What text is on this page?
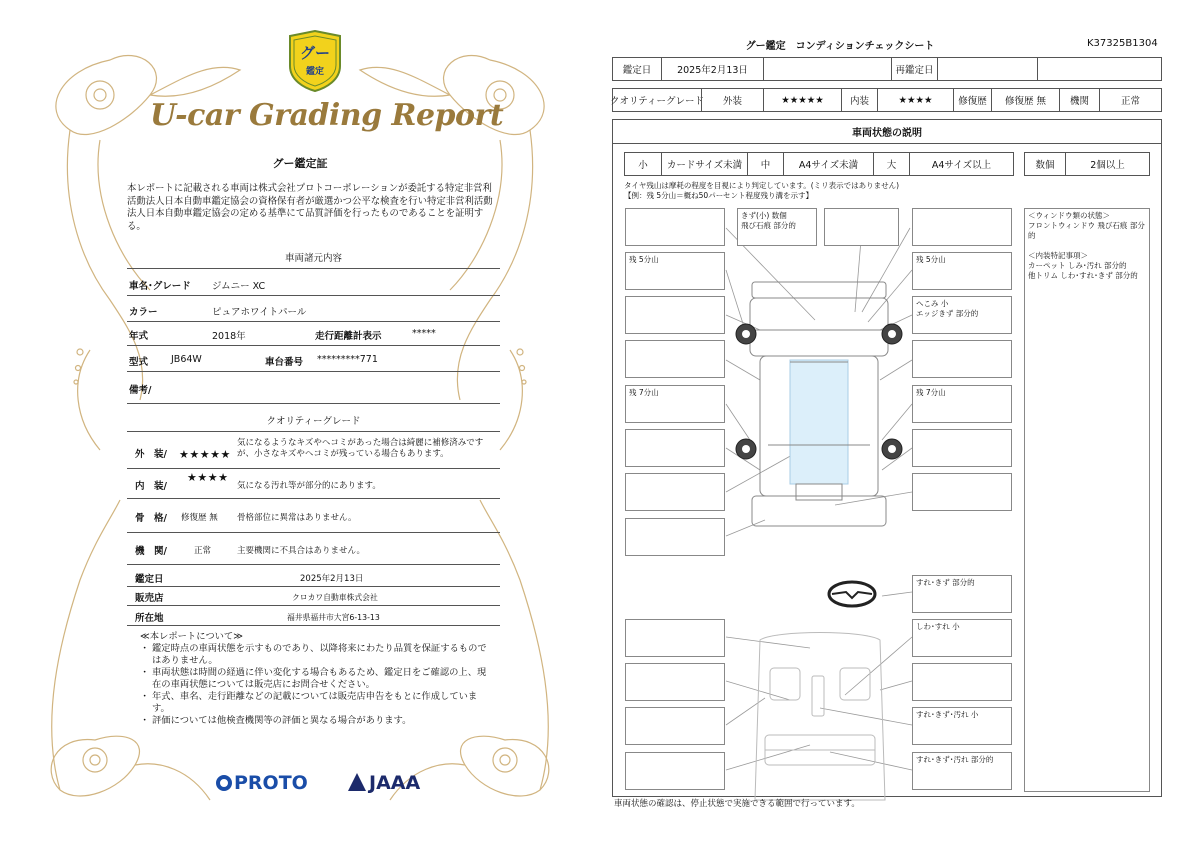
グー
鑑定
U-car Grading Report
グー鑑定証
本レポートに記載される車両は株式会社プロトコーポレーションが委託する特定非営利活動法人日本自動車鑑定協会の資格保有者が厳選かつ公平な検査を行い特定非営利活動法人日本自動車鑑定協会の定める基準にて品質評価を行ったものであることを証明する。
車両諸元内容
車名･グレード ジムニー XC
カラー	ピュアホワイトパール
年式	2018年	走行距離計表示	*****
型式 JB64W	車台番号 *********771
備考/
クオリティーグレード
外　装/ ★★★★★
気になるようなキズやヘコミがあった場合は綺麗に補修済みですが、小さなキズやヘコミが残っている場合もあります。
内　装/
★★★★
気になる汚れ等が部分的にあります。
骨　格/ 修復歴 無 骨格部位に異常はありません。
機　関/	正常	主要機関に不具合はありません。
鑑定日	2025年2月13日
販売店	クロカワ自動車株式会社
所在地	福井県福井市大宮6-13-13
≪本レポートについて≫
・ 鑑定時点の車両状態を示すものであり、以降将来にわたり品質を保証するものではありません。
・ 車両状態は時間の経過に伴い変化する場合もあるため、鑑定日をご確認の上、現在の車両状態については販売店にお問合せください。
・ 年式、車名、走行距離などの記載については販売店申告をもとに作成しています。
・ 評価については他検査機関等の評価と異なる場合があります。
PROTO	JAAA
グー鑑定　コンディションチェックシート	K37325B1304
鑑定日	2025年2月13日	再鑑定日
クオリティーグレード	外装	★★★★★	内装	★★★★	修復歴	修復歴 無	機関	正常
車両状態の説明
小	カードサイズ未満	中	A4サイズ未満	大	A4サイズ以上	数個	2個以上
タイヤ残山は摩耗の程度を目視により判定しています。(ミリ表示ではありません)
【例：残 5分山＝概ね50パーセント程度残り溝を示す】
残 5分山
残 7分山
きず(小) 数個
飛び石痕 部分的
残 5分山
へこみ 小
エッジきず 部分的
残 7分山
すれ･きず 部分的
しわ･すれ 小
すれ･きず･汚れ 小
すれ･きず･汚れ 部分的
＜ウィンドウ類の状態＞
フロントウィンドウ 飛び石痕 部分的

＜内装特記事項＞
カーペット しみ･汚れ 部分的
他トリム しわ･すれ･きず 部分的
車両状態の確認は、停止状態で実施できる範囲で行っています。
